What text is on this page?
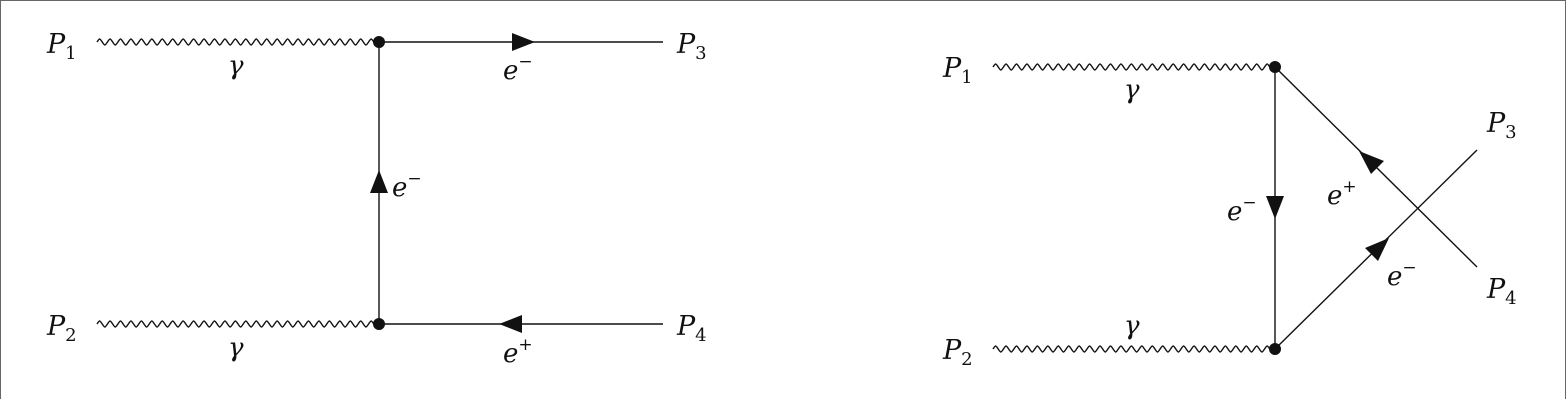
$P_1$
$P_2$
$P_3$
$P_4$
γ
γ
e−
e−
e+
$P_1$
$P_2$
$P_3$
$P_4$
γ
γ
e−	e+
e−
